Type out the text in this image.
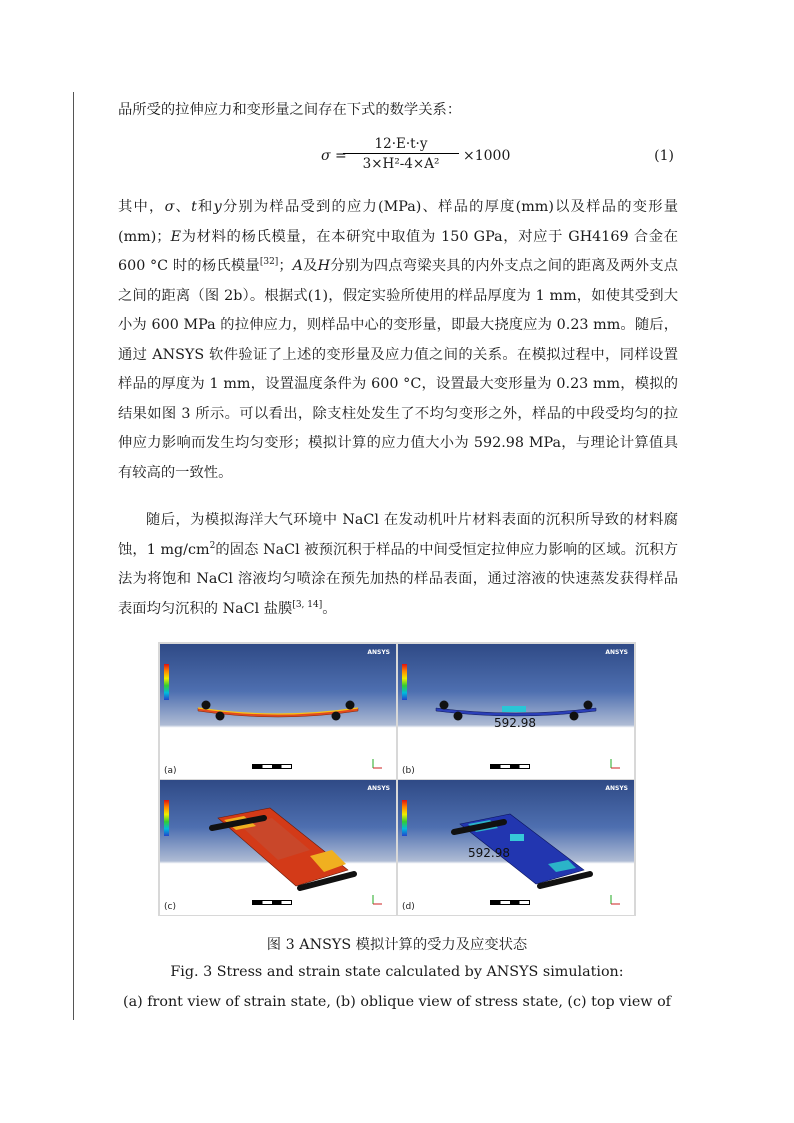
品所受的拉伸应力和变形量之间存在下式的数学关系：

σ =
$\frac{12\cdot E\cdot t\cdot y}{\text{3×H²-4×A²}} \times 1000$	(1)

其中，σ、t和y分别为样品受到的应力(MPa)、样品的厚度(mm)以及样品的变形量(mm)；E为材料的杨氏模量，在本研究中取值为 150 GPa，对应于 GH4169 合金在 600 °C 时的杨氏模量[32]；A及H分别为四点弯梁夹具的内外支点之间的距离及两外支点之间的距离（图 2b）。根据式(1)，假定实验所使用的样品厚度为 1 mm，如使其受到大小为 600 MPa 的拉伸应力，则样品中心的变形量，即最大挠度应为 0.23 mm。随后，通过 ANSYS 软件验证了上述的变形量及应力值之间的关系。在模拟过程中，同样设置样品的厚度为 1 mm，设置温度条件为 600 °C，设置最大变形量为 0.23 mm，模拟的结果如图 3 所示。可以看出，除支柱处发生了不均匀变形之外，样品的中段受均匀的拉伸应力影响而发生均匀变形；模拟计算的应力值大小为 592.98 MPa，与理论计算值具有较高的一致性。

随后，为模拟海洋大气环境中 NaCl 在发动机叶片材料表面的沉积所导致的材料腐蚀，1 $mg/cm^2$的固态 NaCl 被预沉积于样品的中间受恒定拉伸应力影响的区域。沉积方法为将饱和 NaCl 溶液均匀喷涂在预先加热的样品表面，通过溶液的快速蒸发获得样品表面均匀沉积的 NaCl 盐膜[3, 14]。

ANSYS
(a)
ANSYS
592.98
(b)
ANSYS
(c)
ANSYS
592.98
(d)
图 3 ANSYS 模拟计算的受力及应变状态
Fig. 3 Stress and strain state calculated by ANSYS simulation:
(a) front view of strain state, (b) oblique view of stress state, (c) top view of
